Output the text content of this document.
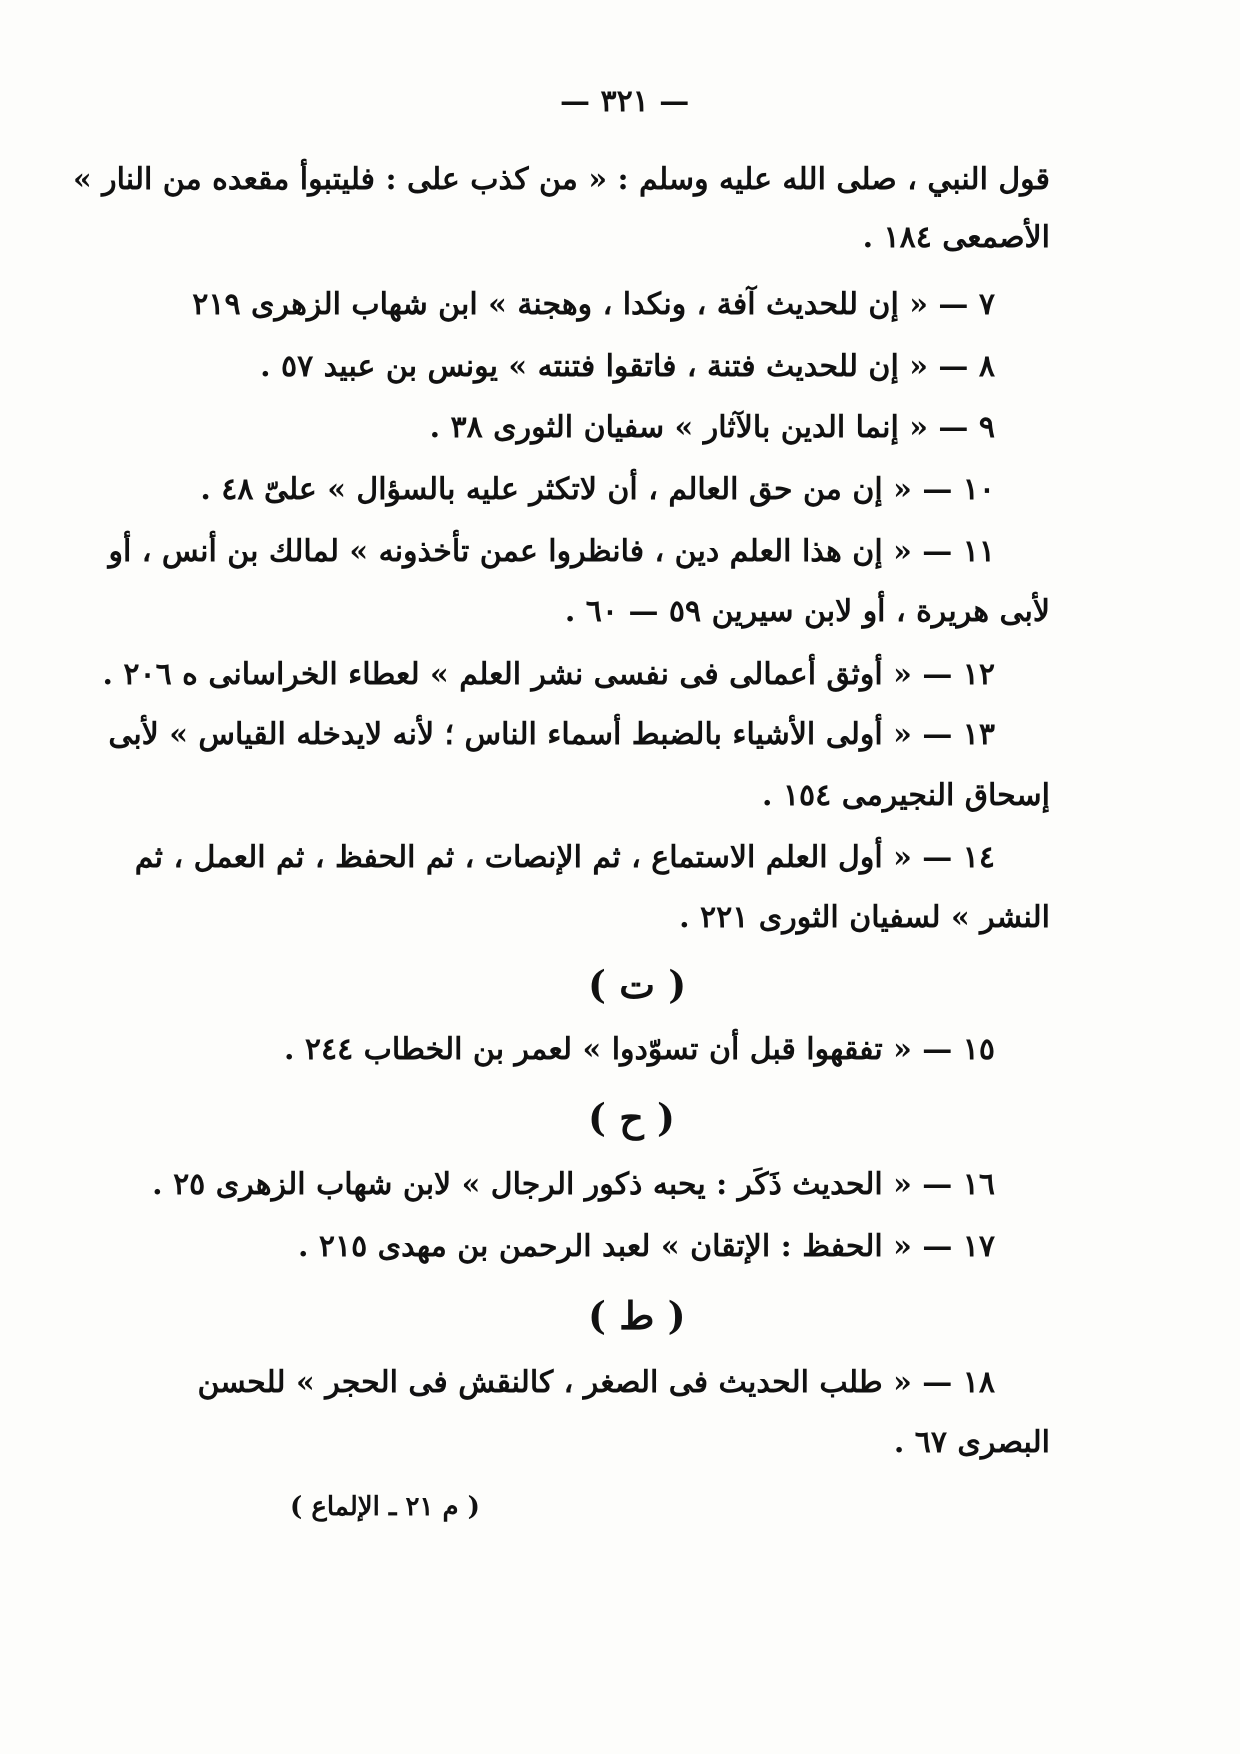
— ٣٢١ —
قول النبي ، صلى الله عليه وسلم : « من كذب على : فليتبوأ مقعده من النار »
الأصمعى ١٨٤ .
٧ — « إن للحديث آفة ، ونكدا ، وهجنة » ابن شهاب الزهرى ٢١٩
٨ — « إن للحديث فتنة ، فاتقوا فتنته » يونس بن عبيد ٥٧ .
٩ — « إنما الدين بالآثار » سفيان الثورى ٣٨ .
١٠ — « إن من حق العالم ، أن لاتكثر عليه بالسؤال » علىّ ٤٨ .
١١ — « إن هذا العلم دين ، فانظروا عمن تأخذونه » لمالك بن أنس ، أو
لأبى هريرة ، أو لابن سيرين ٥٩ — ٦٠ .
١٢ — « أوثق أعمالى فى نفسى نشر العلم » لعطاء الخراسانى ه ٢٠٦ .
١٣ — « أولى الأشياء بالضبط أسماء الناس ؛ لأنه لايدخله القياس » لأبى
إسحاق النجيرمى ١٥٤ .
١٤ — « أول العلم الاستماع ، ثم الإنصات ، ثم الحفظ ، ثم العمل ، ثم
النشر » لسفيان الثورى ٢٢١ .
( ت )
١٥ — « تفقهوا قبل أن تسوّدوا » لعمر بن الخطاب ٢٤٤ .
( ح )
١٦ — « الحديث ذَكَر : يحبه ذكور الرجال » لابن شهاب الزهرى ٢٥ .
١٧ — « الحفظ : الإتقان » لعبد الرحمن بن مهدى ٢١٥ .
( ط )
١٨ — « طلب الحديث فى الصغر ، كالنقش فى الحجر » للحسن
البصرى ٦٧ .
( م ٢١ ـ الإلماع )
